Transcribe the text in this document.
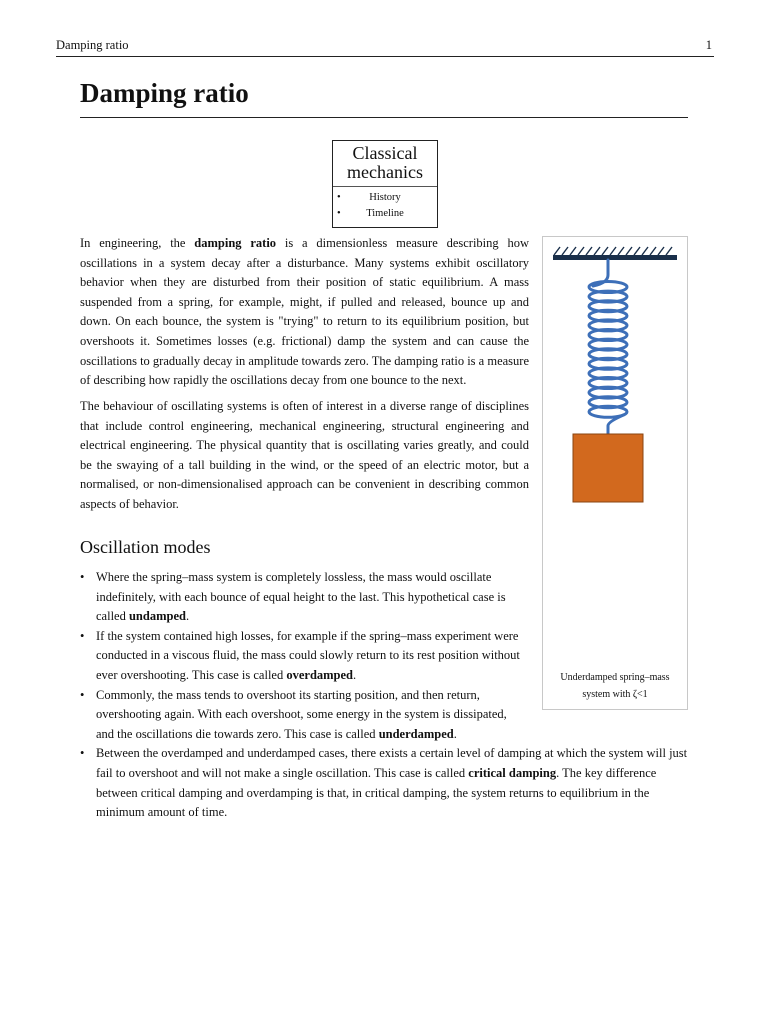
Damping ratio	1
Damping ratio
Classical mechanics
•	History
• Timeline

In engineering, the damping ratio is a dimensionless measure describing how oscillations in a system decay after a disturbance. Many systems exhibit oscillatory behavior when they are disturbed from their position of static equilibrium. A mass suspended from a spring, for example, might, if pulled and released, bounce up and down. On each bounce, the system is "trying" to return to its equilibrium position, but overshoots it. Sometimes losses (e.g. frictional) damp the system and can cause the oscillations to gradually decay in amplitude towards zero. The damping ratio is a measure of describing how rapidly the oscillations decay from one bounce to the next.

The behaviour of oscillating systems is often of interest in a diverse range of disciplines that include control engineering, mechanical engineering, structural engineering and electrical engineering. The physical quantity that is oscillating varies greatly, and could be the swaying of a tall building in the wind, or the speed of an electric motor, but a normalised, or non-dimensionalised approach can be convenient in describing common aspects of behavior.

Underdamped spring–mass system with ζ<1
Oscillation modes
• Where the spring–mass system is completely lossless, the mass would oscillate indefinitely, with each bounce of equal height to the last. This hypothetical case is called undamped.
• If the system contained high losses, for example if the spring–mass experiment were conducted in a viscous fluid, the mass could slowly return to its rest position without ever overshooting. This case is called overdamped.
• Commonly, the mass tends to overshoot its starting position, and then return, overshooting again. With each overshoot, some energy in the system is dissipated, and the oscillations die towards zero. This case is called underdamped.
• Between the overdamped and underdamped cases, there exists a certain level of damping at which the system will just fail to overshoot and will not make a single oscillation. This case is called critical damping. The key difference between critical damping and overdamping is that, in critical damping, the system returns to equilibrium in the minimum amount of time.
